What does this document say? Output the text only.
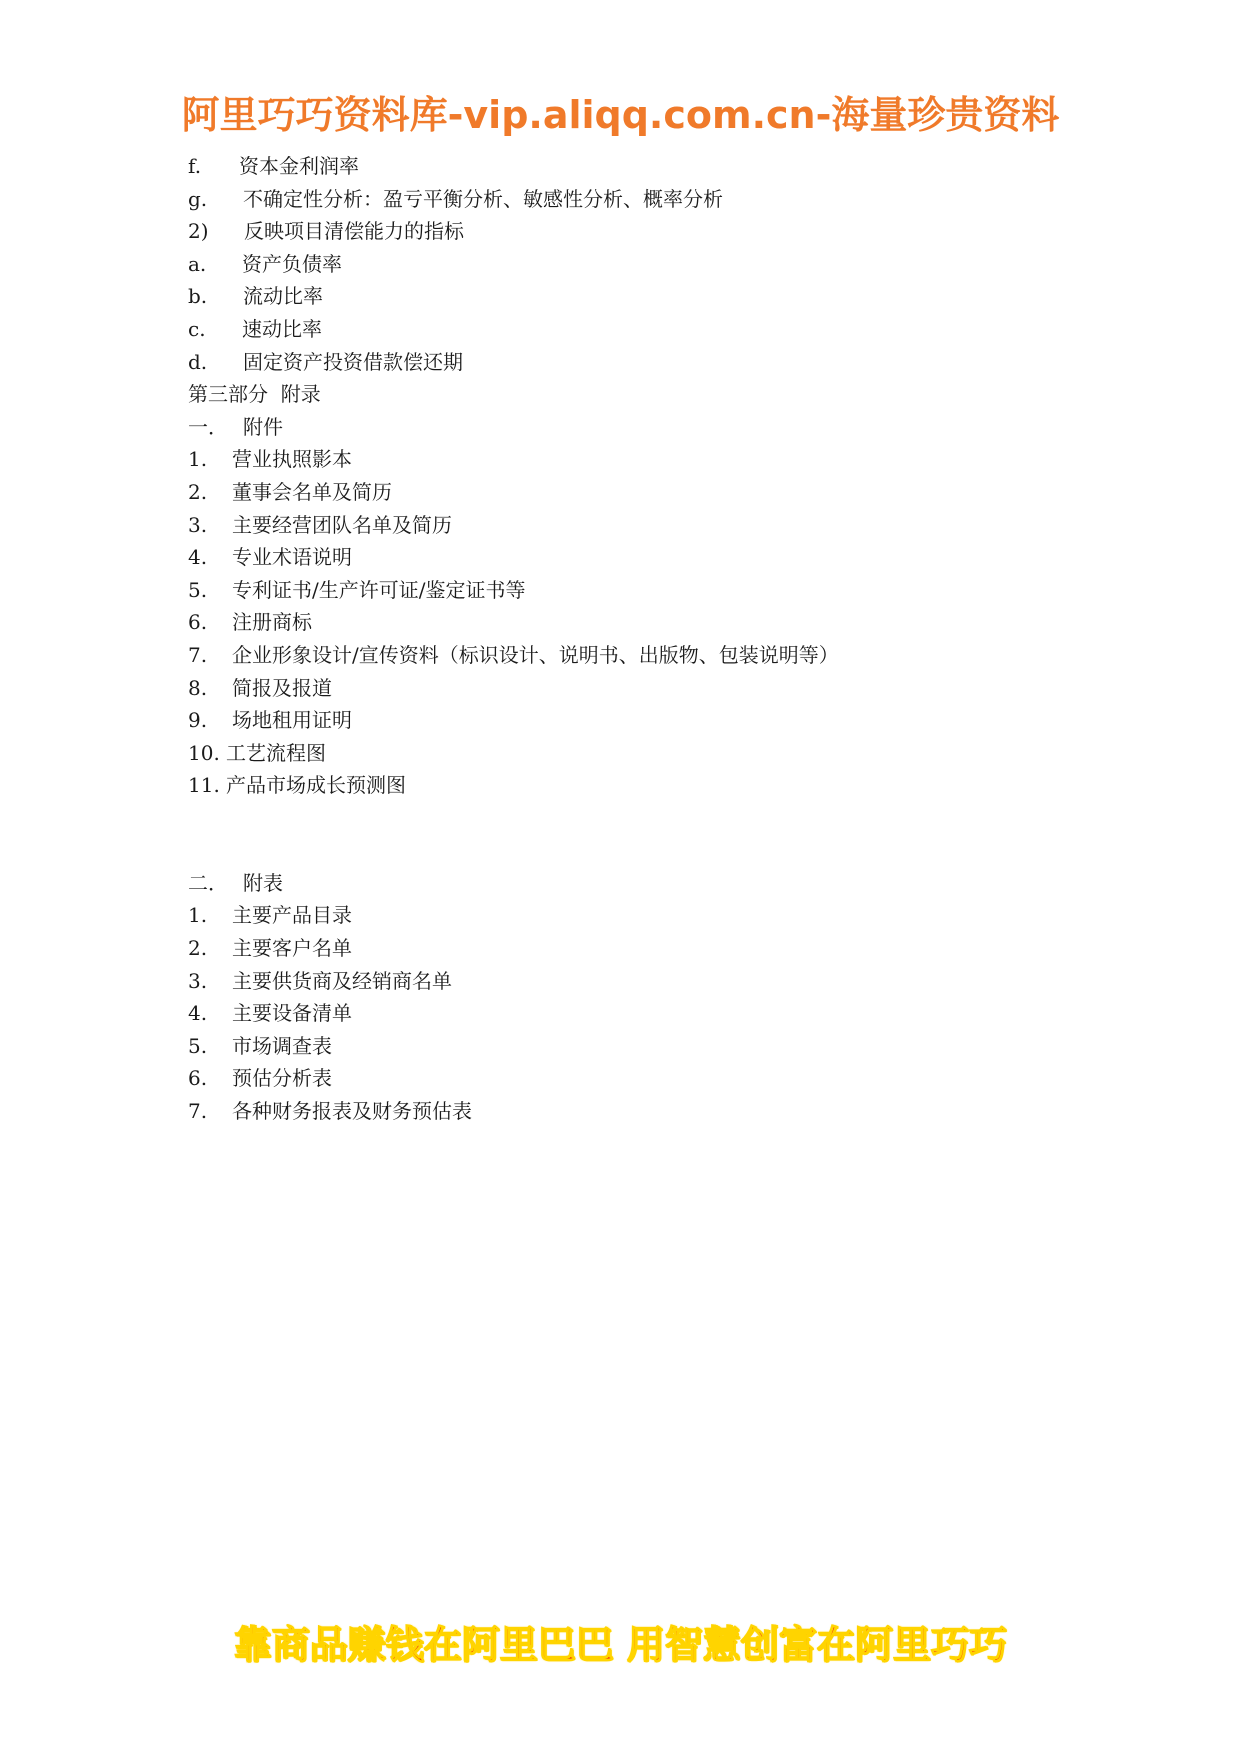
阿里巧巧资料库-vip.aliqq.com.cn-海量珍贵资料
f.	资本金利润率
g.	不确定性分析：盈亏平衡分析、敏感性分析、概率分析
2)	反映项目清偿能力的指标
a.	资产负债率
b.	流动比率
c.	速动比率
d.	固定资产投资借款偿还期
第三部分  附录
一． 附件
1.	营业执照影本
2.	董事会名单及简历
3.	主要经营团队名单及简历
4.	专业术语说明
5.	专利证书/生产许可证/鉴定证书等
6.	注册商标
7.	企业形象设计/宣传资料（标识设计、说明书、出版物、包装说明等）
8.	简报及报道
9.	场地租用证明
10. 工艺流程图
11. 产品市场成长预测图
二． 附表
1.	主要产品目录
2.	主要客户名单
3.	主要供货商及经销商名单
4.	主要设备清单
5.	市场调查表
6.	预估分析表
7.	各种财务报表及财务预估表
靠商品赚钱在阿里巴巴 用智慧创富在阿里巧巧
